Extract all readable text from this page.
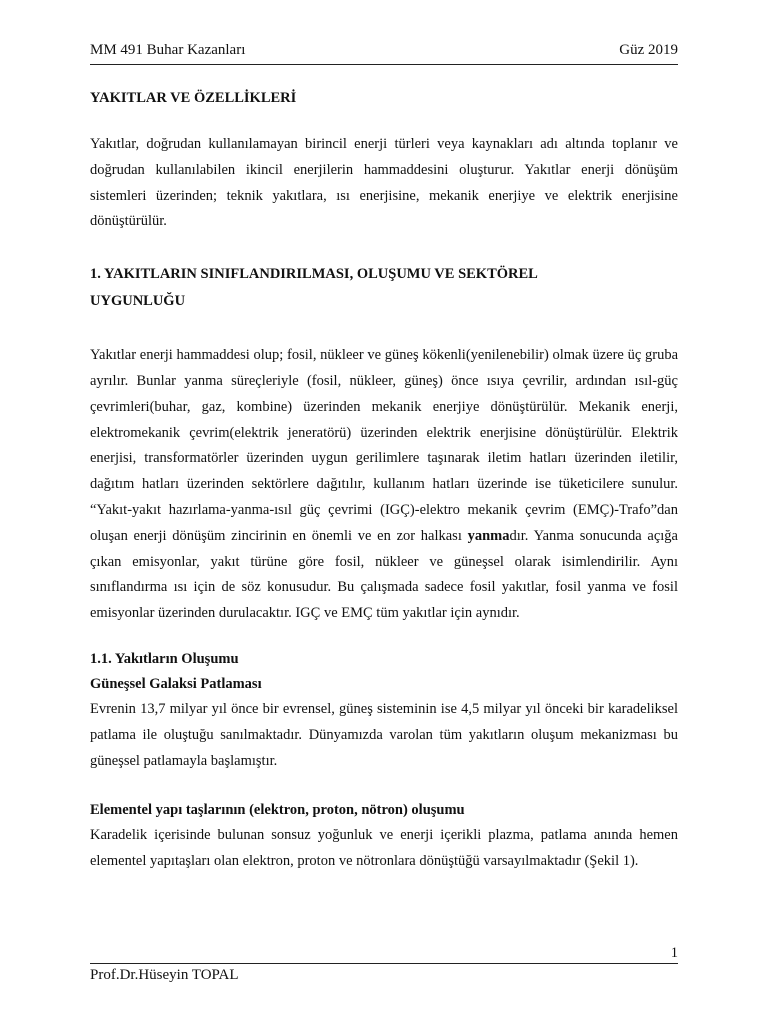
MM 491 Buhar Kazanları	Güz 2019
YAKITLAR VE ÖZELLİKLERİ

Yakıtlar, doğrudan kullanılamayan birincil enerji türleri veya kaynakları adı altında toplanır ve doğrudan kullanılabilen ikincil enerjilerin hammaddesini oluşturur. Yakıtlar enerji dönüşüm sistemleri üzerinden; teknik yakıtlara, ısı enerjisine, mekanik enerjiye ve elektrik enerjisine dönüştürülür.

1. YAKITLARIN SINIFLANDIRILMASI, OLUŞUMU VE SEKTÖREL
UYGUNLUĞU

Yakıtlar enerji hammaddesi olup; fosil, nükleer ve güneş kökenli(yenilenebilir) olmak üzere üç gruba ayrılır. Bunlar yanma süreçleriyle (fosil, nükleer, güneş) önce ısıya çevrilir, ardından ısıl-güç çevrimleri(buhar, gaz, kombine) üzerinden mekanik enerjiye dönüştürülür. Mekanik enerji, elektromekanik çevrim(elektrik jeneratörü) üzerinden elektrik enerjisine dönüştürülür. Elektrik enerjisi, transformatörler üzerinden uygun gerilimlere taşınarak iletim hatları üzerinden iletilir, dağıtım hatları üzerinden sektörlere dağıtılır, kullanım hatları üzerinde ise tüketicilere sunulur. “Yakıt-yakıt hazırlama-yanma-ısıl güç çevrimi (IGÇ)-elektro mekanik çevrim (EMÇ)-Trafo”dan oluşan enerji dönüşüm zincirinin en önemli ve en zor halkası yanmadır. Yanma sonucunda açığa çıkan emisyonlar, yakıt türüne göre fosil, nükleer ve güneşsel olarak isimlendirilir. Aynı sınıflandırma ısı için de söz konusudur. Bu çalışmada sadece fosil yakıtlar, fosil yanma ve fosil emisyonlar üzerinden durulacaktır. IGÇ ve EMÇ tüm yakıtlar için aynıdır.

1.1. Yakıtların Oluşumu
Güneşsel Galaksi Patlaması

Evrenin 13,7 milyar yıl önce bir evrensel, güneş sisteminin ise 4,5 milyar yıl önceki bir karadeliksel patlama ile oluştuğu sanılmaktadır. Dünyamızda varolan tüm yakıtların oluşum mekanizması bu güneşsel patlamayla başlamıştır.

Elementel yapı taşlarının (elektron, proton, nötron) oluşumu

Karadelik içerisinde bulunan sonsuz yoğunluk ve enerji içerikli plazma, patlama anında hemen elementel yapıtaşları olan elektron, proton ve nötronlara dönüştüğü varsayılmaktadır (Şekil 1).

1
Prof.Dr.Hüseyin TOPAL
